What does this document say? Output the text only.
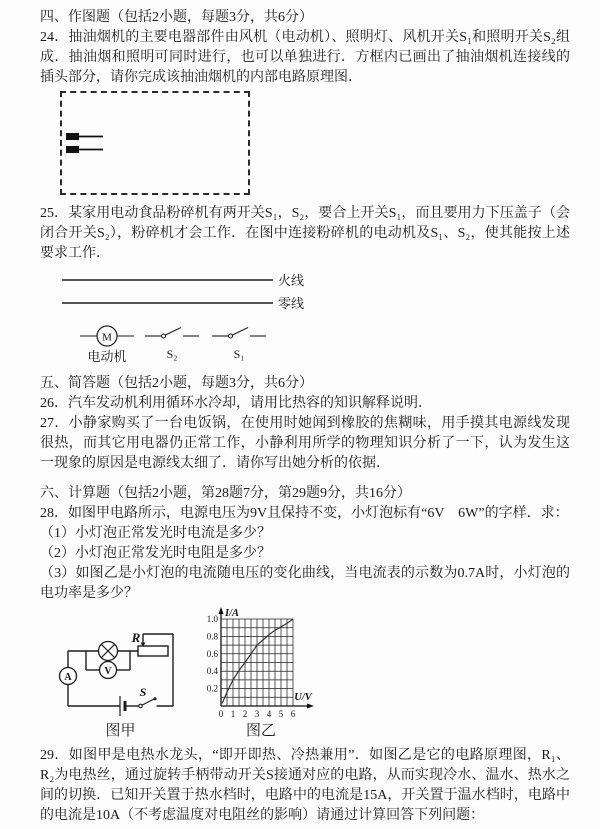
四、作图题（包括2小题，每题3分，共6分）

24．抽油烟机的主要电器部件由风机（电动机）、照明灯、风机开关S₁和照明开关S₂组成．抽油烟和照明可同时进行，也可以单独进行．方框内已画出了抽油烟机连接线的插头部分，请你完成该抽油烟机的内部电路原理图．

25．某家用电动食品粉碎机有两开关S₁，S₂，要合上开关S₁，而且要用力下压盖子（会闭合开关S₂），粉碎机才会工作．在图中连接粉碎机的电动机及S₁、S₂，使其能按上述要求工作．

火线
零线
M
电动机	S₂	S₁

五、简答题（包括2小题，每题3分，共6分）

26．汽车发动机利用循环水冷却，请用比热容的知识解释说明．

27．小静家购买了一台电饭锅，在使用时她闻到橡胶的焦糊味，用手摸其电源线发现很热，而其它用电器仍正常工作，小静利用所学的物理知识分析了一下，认为发生这一现象的原因是电源线太细了．请你写出她分析的依据．

六、计算题（包括2小题，第28题7分，第29题9分，共16分）

28．如图甲电路所示，电源电压为9V且保持不变，小灯泡标有“6V　6W”的字样．求：

（1）小灯泡正常发光时电流是多少？

（2）小灯泡正常发光时电阻是多少？

（3）如图乙是小灯泡的电流随电压的变化曲线，当电流表的示数为0.7A时，小灯泡的电功率是多少？

A
V
R
S
图甲
0 1 2 3 4 5 6
0.2
0.4
0.6
0.8
1.0 I/A
U/V
图乙

29．如图甲是电热水龙头，“即开即热、冷热兼用”．如图乙是它的电路原理图，R₁、R₂为电热丝，通过旋转手柄带动开关S接通对应的电路，从而实现冷水、温水、热水之间的切换．已知开关置于热水档时，电路中的电流是15A，开关置于温水档时，电路中的电流是10A（不考虑温度对电阻丝的影响）请通过计算回答下列问题：
